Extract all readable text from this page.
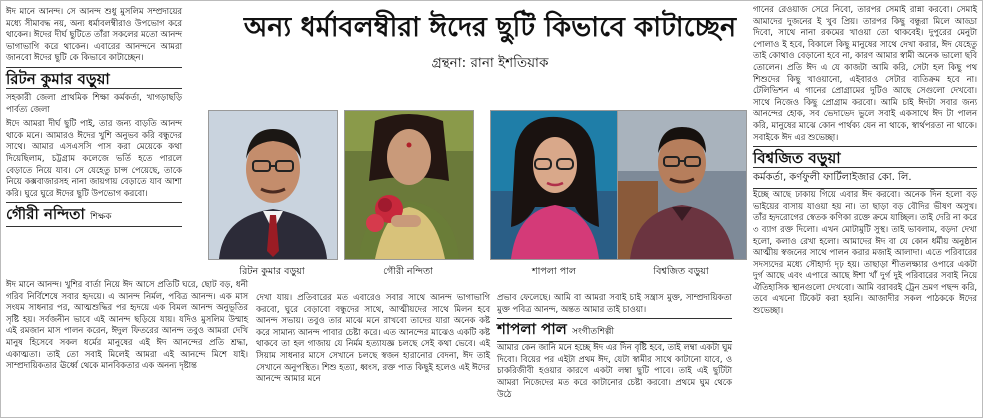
ঈদ মানে আনন্দ। সে আনন্দ শুধু মুসলিম সম্প্রদায়ের মধ্যে সীমাবদ্ধ নয়, অন্য ধর্মাবলম্বীরাও উপভোগ করে থাকেন। ঈদের দীর্ঘ ছুটিতে তাঁরা সকলের মতো আনন্দ ভাগাভাগি করে থাকেন। এবারের আনন্দনে আমরা জানবো ঈদের ছুটি কে কিভাবে কাটাচ্ছেন।

রিটন কুমার বড়ুয়া

সহকারী জেলা প্রাথমিক শিক্ষা কর্মকর্তা, খাগড়াছড়ি পার্বত্য জেলা

ঈদে আমরা দীর্ঘ ছুটি পাই, তার জন্য বাড়তি আনন্দ থাকে মনে। আমারও ঈদের খুশি অনুভব করি বন্ধুদের সাথে। আমার এসএসসি পাস করা মেয়েকে কথা দিয়েছিলাম, চট্টগ্রাম কলেজে ভর্তি হতে পারলে বেড়াতে নিয়ে যাব। সে যেহেতু চান্স পেয়েছে, তাকে নিয়ে কক্সবাজারসহ নানা জায়গায় বেড়াতে যাব আশা করি। ঘুরে ঘুরে ঈদের ছুটি উপভোগ করবো।

গৌরী নন্দিতা শিক্ষক

ঈদ মানে আনন্দ। খুশির বার্তা নিয়ে ঈদ আসে প্রতিটি ঘরে, ছোট বড়, ধনী গরিব নির্বিশেষে সবার হৃদয়ে। এ আনন্দ নির্মল, পবিত্র আনন্দ। এক মাস সংযম সাধনার পর, আত্মশুদ্ধির পর হৃদয়ে এক বিমল আনন্দ অনুভূতির সৃষ্টি হয়। সর্বজনীন ভাবে এই আনন্দ ছড়িয়ে যায়। যদিও মুসলিম উম্মাহ এই রমজান মাস পালন করেন, ঈদুল ফিতরের আনন্দ তবুও আমরা দেখি মানুষ হিসেবে সকল ধর্মের মানুষের এই ঈদ আনন্দের প্রতি শ্রদ্ধা, একাত্মতা। তাই তো সবাই মিলেই আমরা এই আনন্দে মিশে যাই। সাম্প্রদায়িকতার ঊর্ধ্বে থেকে মানবিকতার এক অনন্য দৃষ্টান্ত

অন্য ধর্মাবলম্বীরা ঈদের ছুটি কিভাবে কাটাচ্ছেন
গ্রন্থনা: রানা ইশতিয়াক
রিটন কুমার বড়ুয়া	গৌরী নন্দিতা	শাপলা পাল	বিশ্বজিত বড়ুয়া

দেখা যায়। প্রতিবারের মত এবারেও সবার সাথে আনন্দ ভাগাভাগি করবো, ঘুরে বেড়াবো বন্ধুদের সাথে, আত্মীয়দের সাথে মিলন হবে আনন্দ সভায়। তবুও তার মাঝে মনে রাখবো তাদের যারা অনেক কষ্ট করে সামান্য আনন্দ পাবার চেষ্টা করে। এত আনন্দের মাঝেও একটি কষ্ট থাকবে তা হল গাজায় যে নির্মম হত্যাযজ্ঞ চলছে সেই কথা ভেবে। এই সিয়াম সাধনার মাসে সেখানে চলছে স্বজন হারানোর বেদনা, ঈদ তাই সেখানে অনুপস্থিত। শিশু হত্যা, ধ্বংস, রক্ত পাত কিছুই হলেও এই ঈদের আনন্দে আমার মনে

প্রভাব ফেলেছে। আমি বা আমরা সবাই চাই সন্ত্রাস মুক্ত, সাম্প্রদায়িকতা মুক্ত পবিত্র আনন্দ, অন্তত আমার তাই চাওয়া।

শাপলা পাল সংগীতশিল্পী

আমার কেন জানি মনে হচ্ছে ঈদ এর দিন বৃষ্টি হবে, তাই লম্বা একটা ঘুম দিবো। বিয়ের পর এইটা প্রথম ঈদ, যেটা স্বামীর সাথে কাটানো যাবে, ও চাকরিজীবী হওয়ার কারণে একটা লম্বা ছুটি পাবে। তাই এই ছুটিটা আমরা নিজেদের মত করে কাটানোর চেষ্টা করবো। প্রথমে ঘুম থেকে উঠে

গানের রেওয়াজ সেরে নিবো, তারপর সেমাই রান্না করবো। সেমাই আমাদের দুজনের ই খুব প্রিয়। তারপর কিছু বন্ধুরা মিলে আড্ডা দিবো, সাথে নানা রকমের খাওয়া তো থাকবেই। দুপুরের মেনুটা পোলাও ই হবে, বিকালে কিছু মানুষের সাথে দেখা করার, ঈদ যেহেতু তাই কোথাও বেড়ানো হবে না, কারণ আমার স্বামী অনেক ভালো ছবি তোলেন। প্রতি ঈদ এ যে কাজটা আমি করি, সেটা হল কিছু পথ শিশুদের কিছু খাওয়ানো, এইবারও সেটার ব্যতিক্রম হবে না। টেলিভিশন এ গানের প্রোগ্রামের দুটিও আছে সেগুলো দেখবো। সাথে নিজেও কিছু প্রোগ্রাম করবো। আমি চাই ঈদটা সবার জন্য আনন্দের হোক, সব ভেদাভেদ ভুলে সবাই একসাথে ঈদ টা পালন করি, মানুষের মাঝে কোন পার্থক্য যেন না থাকে, স্বার্থপরতা না থাকে। সবাইকে ঈদ এর শুভেচ্ছা।

বিশ্বজিত বড়ুয়া

কর্মকর্তা, কর্ণফুলী ফার্টিলাইজার কো. লি.

ইচ্ছে আছে ঢাকায় গিয়ে এবার ঈদ করবো। অনেক দিন হলো বড় ভাইয়ের বাসায় যাওয়া হয় না। তা ছাড়া বড় বৌদির ভীষণ অসুখ। তাঁর হৃদরোগের স্বেতক কণিকা রক্তে ক্রমে যাচ্ছিল। তাই দেরি না করে ৩ ব্যাগ রক্ত দিলো। এখন মোটামুটি সুস্থ। তাই ভাবলাম, বড়দা দেখা হলো, কলাও রেখা হলো। আমাদের ঈদ বা যে কোন ধর্মীয় অনুষ্ঠান আত্মীয় স্বজনের সাথে পালন করার মজাই আলাদা। এতে পরিবারের সদস্যদের মধ্যে সৌহার্দ্য দৃঢ় হয়। তাছাড়া শীতলক্ষ্যার ওপারে একটা দুর্গ আছে এবং এপারে আছে ঈশা খাঁ দুর্গ দুই পরিবারের সবাই নিয়ে ঐতিহাসিক স্থানগুলো দেখবো। আমি বরাবরই ট্রেন ভ্রমণ পছন্দ করি, তবে এখনো টিকেট করা হয়নি। আজাদীর সকল পাঠককে ঈদের শুভেচ্ছা।
